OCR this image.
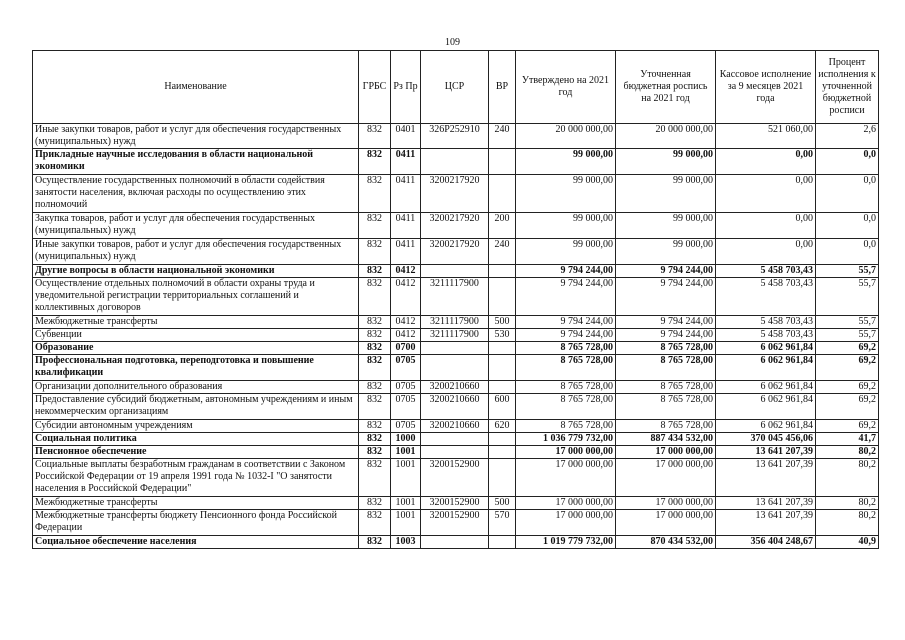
109
Наименование	ГРБС	Рз Пр	ЦСР	ВР	Утверждено на 2021 год	Уточненная бюджетная роспись на 2021 год	Кассовое исполнение за 9 месяцев 2021 года	Процент исполнения к уточненной бюджетной росписи
Иные закупки товаров, работ и услуг для обеспечения государственных (муниципальных) нужд	832	0401	326Р252910	240	20 000 000,00	20 000 000,00	521 060,00	2,6
Прикладные научные исследования в области национальной экономики	832	0411			99 000,00	99 000,00	0,00	0,0
Осуществление государственных полномочий в области содействия занятости населения, включая расходы по осуществлению этих полномочий	832	0411	3200217920		99 000,00	99 000,00	0,00	0,0
Закупка товаров, работ и услуг для обеспечения государственных (муниципальных) нужд	832	0411	3200217920	200	99 000,00	99 000,00	0,00	0,0
Иные закупки товаров, работ и услуг для обеспечения государственных (муниципальных) нужд	832	0411	3200217920	240	99 000,00	99 000,00	0,00	0,0
Другие вопросы в области национальной экономики	832	0412			9 794 244,00	9 794 244,00	5 458 703,43	55,7
Осуществление отдельных полномочий в области охраны труда и уведомительной регистрации территориальных соглашений и коллективных договоров	832	0412	3211117900		9 794 244,00	9 794 244,00	5 458 703,43	55,7
Межбюджетные трансферты	832	0412	3211117900	500	9 794 244,00	9 794 244,00	5 458 703,43	55,7
Субвенции	832	0412	3211117900	530	9 794 244,00	9 794 244,00	5 458 703,43	55,7
Образование	832	0700			8 765 728,00	8 765 728,00	6 062 961,84	69,2
Профессиональная подготовка, переподготовка и повышение квалификации	832	0705			8 765 728,00	8 765 728,00	6 062 961,84	69,2
Организации дополнительного образования	832	0705	3200210660		8 765 728,00	8 765 728,00	6 062 961,84	69,2
Предоставление субсидий бюджетным, автономным учреждениям и иным некоммерческим организациям	832	0705	3200210660	600	8 765 728,00	8 765 728,00	6 062 961,84	69,2
Субсидии автономным учреждениям	832	0705	3200210660	620	8 765 728,00	8 765 728,00	6 062 961,84	69,2
Социальная политика	832	1000			1 036 779 732,00	887 434 532,00	370 045 456,06	41,7
Пенсионное обеспечение	832	1001			17 000 000,00	17 000 000,00	13 641 207,39	80,2
Социальные выплаты безработным гражданам в соответствии с Законом Российской Федерации от 19 апреля 1991 года № 1032-I "О занятости населения в Российской Федерации"	832	1001	3200152900		17 000 000,00	17 000 000,00	13 641 207,39	80,2
Межбюджетные трансферты	832	1001	3200152900	500	17 000 000,00	17 000 000,00	13 641 207,39	80,2
Межбюджетные трансферты бюджету Пенсионного фонда Российской Федерации	832	1001	3200152900	570	17 000 000,00	17 000 000,00	13 641 207,39	80,2
Социальное обеспечение населения	832	1003			1 019 779 732,00	870 434 532,00	356 404 248,67	40,9
